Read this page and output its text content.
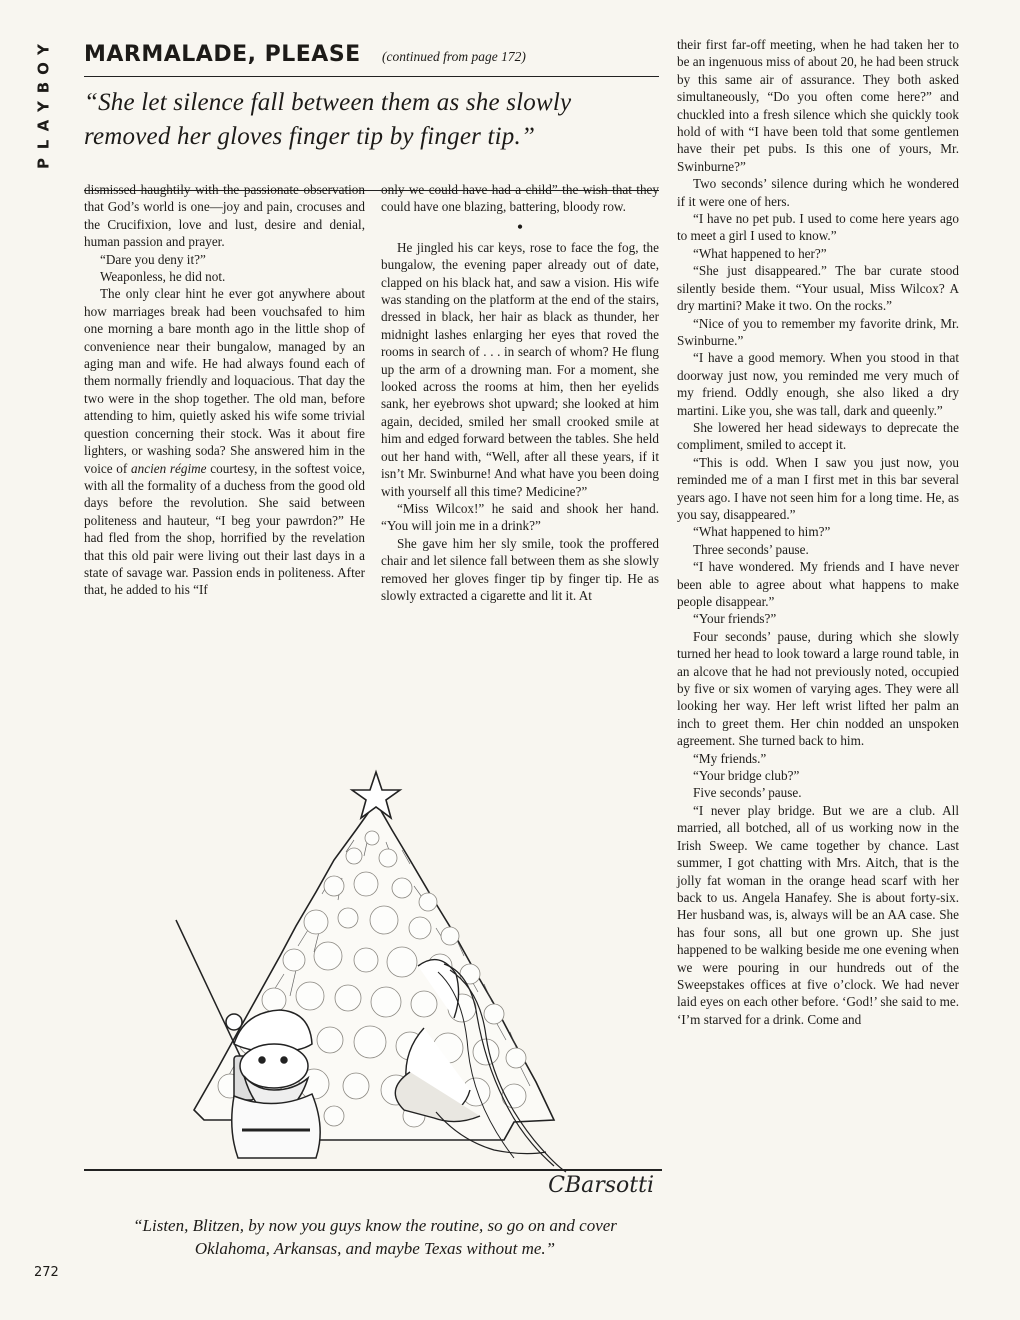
Y
O
B
Y
A
L
P
MARMALADE, PLEASE (continued from page 172)
“She let silence fall between them as she slowly removed her gloves finger tip by finger tip.”

dismissed haughtily with the passionate observation that God’s world is one—joy and pain, crocuses and the Crucifixion, love and lust, desire and denial, human passion and prayer.

“Dare you deny it?”

Weaponless, he did not.

The only clear hint he ever got anywhere about how marriages break had been vouchsafed to him one morning a bare month ago in the little shop of convenience near their bungalow, managed by an aging man and wife. He had always found each of them normally friendly and loquacious. That day the two were in the shop together. The old man, before attending to him, quietly asked his wife some trivial question concerning their stock. Was it about fire lighters, or washing soda? She answered him in the voice of ancien régime courtesy, in the softest voice, with all the formality of a duchess from the good old days before the revolution. She said between politeness and hauteur, “I beg your pawrdon?” He had fled from the shop, horrified by the revelation that this old pair were living out their last days in a state of savage war. Passion ends in politeness. After that, he added to his “If

only we could have had a child” the wish that they could have one blazing, battering, bloody row.

•

He jingled his car keys, rose to face the fog, the bungalow, the evening paper already out of date, clapped on his black hat, and saw a vision. His wife was standing on the platform at the end of the stairs, dressed in black, her hair as black as thunder, her midnight lashes enlarging her eyes that roved the rooms in search of . . . in search of whom? He flung up the arm of a drowning man. For a moment, she looked across the rooms at him, then her eyelids sank, her eyebrows shot upward; she looked at him again, decided, smiled her small crooked smile at him and edged forward between the tables. She held out her hand with, “Well, after all these years, if it isn’t Mr. Swinburne! And what have you been doing with yourself all this time? Medicine?”

“Miss Wilcox!” he said and shook her hand. “You will join me in a drink?”

She gave him her sly smile, took the proffered chair and let silence fall between them as she slowly removed her gloves finger tip by finger tip. He as slowly extracted a cigarette and lit it. At

their first far-off meeting, when he had taken her to be an ingenuous miss of about 20, he had been struck by this same air of assurance. They both asked simultaneously, “Do you often come here?” and chuckled into a fresh silence which she quickly took hold of with “I have been told that some gentlemen have their pet pubs. Is this one of yours, Mr. Swinburne?”

Two seconds’ silence during which he wondered if it were one of hers.

“I have no pet pub. I used to come here years ago to meet a girl I used to know.”

“What happened to her?”

“She just disappeared.” The bar curate stood silently beside them. “Your usual, Miss Wilcox? A dry martini? Make it two. On the rocks.”

“Nice of you to remember my favorite drink, Mr. Swinburne.”

“I have a good memory. When you stood in that doorway just now, you reminded me very much of my friend. Oddly enough, she also liked a dry martini. Like you, she was tall, dark and queenly.”

She lowered her head sideways to deprecate the compliment, smiled to accept it.

“This is odd. When I saw you just now, you reminded me of a man I first met in this bar several years ago. I have not seen him for a long time. He, as you say, disappeared.”

“What happened to him?”

Three seconds’ pause.

“I have wondered. My friends and I have never been able to agree about what happens to make people disappear.”

“Your friends?”

Four seconds’ pause, during which she slowly turned her head to look toward a large round table, in an alcove that he had not previously noted, occupied by five or six women of varying ages. They were all looking her way. Her left wrist lifted her palm an inch to greet them. Her chin nodded an unspoken agreement. She turned back to him.

“My friends.”

“Your bridge club?”

Five seconds’ pause.

“I never play bridge. But we are a club. All married, all botched, all of us working now in the Irish Sweep. We came together by chance. Last summer, I got chatting with Mrs. Aitch, that is the jolly fat woman in the orange head scarf with her back to us. Angela Hanafey. She is about forty-six. Her husband was, is, always will be an AA case. She has four sons, all but one grown up. She just happened to be walking beside me one evening when we were pouring in our hundreds out of the Sweepstakes offices at five o’clock. We had never laid eyes on each other before. ‘God!’ she said to me. ‘I’m starved for a drink. Come and

CBarsotti
“Listen, Blitzen, by now you guys know the routine, so go on and cover Oklahoma, Arkansas, and maybe Texas without me.”
272
